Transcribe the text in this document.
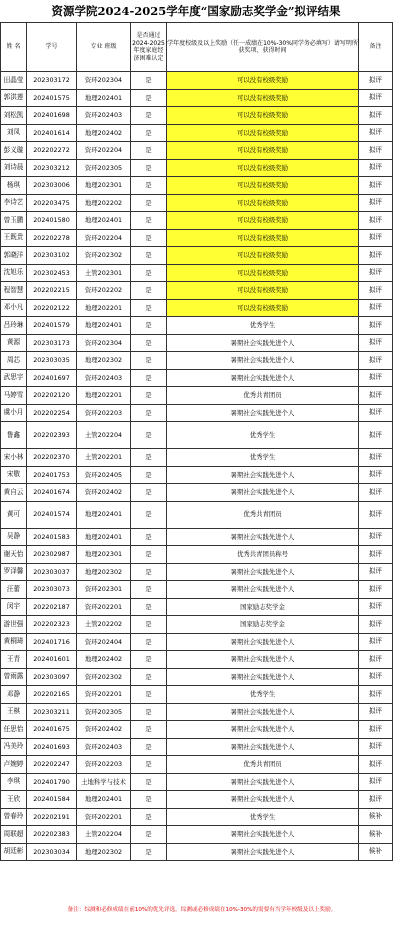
资源学院2024-2025学年度“国家励志奖学金”拟评结果
姓 名	学号	专业 班级	是否通过2024-2025年度家庭经济困难认定	学年度校级及以上奖励（任一成绩在10%-30%同学务必填写）请写明所获奖项、获得时间	备注
田晶莹	202303172	资环202304	是	可以没有校级奖励	拟评
郭洪莲	202401575	地理202401	是	可以没有校级奖励	拟评
刘松凯	202401698	资环202403	是	可以没有校级奖励	拟评
刘凤	202401614	地理202402	是	可以没有校级奖励	拟评
彭义璇	202202272	资环202204	是	可以没有校级奖励	拟评
刘诗晨	202303212	资环202305	是	可以没有校级奖励	拟评
杨琪	202303006	地理202301	是	可以没有校级奖励	拟评
李诗艺	202203475	地理202202	是	可以没有校级奖励	拟评
曾玉鹏	202401580	地理202401	是	可以没有校级奖励	拟评
王既贵	202202278	资环202204	是	可以没有校级奖励	拟评
郭晓洋	202303102	资环202302	是	可以没有校级奖励	拟评
沈旭乐	202302453	土管202301	是	可以没有校级奖励	拟评
程智慧	202202215	资环202202	是	可以没有校级奖励	拟评
邓小凡	202202122	地理202201	是	可以没有校级奖励	拟评
吕玲琳	202401579	地理202401	是	优秀学生	拟评
黄源	202303173	资环202304	是	暑期社会实践先进个人	拟评
周芯	202303035	地理202302	是	暑期社会实践先进个人	拟评
武思宇	202401697	资环202403	是	暑期社会实践先进个人	拟评
马婷雪	202202120	地理202201	是	优秀共青团员	拟评
虞小月	202202254	资环202203	是	暑期社会实践先进个人	拟评
鲁鑫	202202393	土管202204	是	优秀学生	拟评
宋小林	202202370	土管202201	是	优秀学生	拟评
宋敬	202401753	资环202405	是	暑期社会实践先进个人	拟评
黄自云	202401674	资环202402	是	暑期社会实践先进个人	拟评
黄可	202401574	地理202401	是	优秀共青团员	拟评
吴静	202401583	地理202401	是	暑期社会实践先进个人	拟评
谢天怡	202302987	地理202301	是	优秀共青团员称号	拟评
罗泽馨	202303037	地理202302	是	暑期社会实践先进个人	拟评
汪蕾	202303073	资环202301	是	暑期社会实践先进个人	拟评
闵宇	202202187	资环202201	是	国家励志奖学金	拟评
游世强	202202323	土管202202	是	国家励志奖学金	拟评
黄桐琦	202401716	资环202404	是	暑期社会实践先进个人	拟评
王青	202401601	地理202402	是	暑期社会实践先进个人	拟评
曾雨露	202303097	资环202302	是	暑期社会实践先进个人	拟评
邓静	202202165	资环202201	是	优秀学生	拟评
王棋	202303211	资环202305	是	暑期社会实践先进个人	拟评
任思怡	202401675	资环202402	是	暑期社会实践先进个人	拟评
冯美玲	202401693	资环202403	是	暑期社会实践先进个人	拟评
卢婉婷	202202247	资环202203	是	优秀共青团员	拟评
李琪	202401790	土地科学与技术	是	暑期社会实践先进个人	拟评
王欣	202401584	地理202401	是	暑期社会实践先进个人	拟评
曾春玲	202202191	资环202201	是	优秀学生	候补
周联超	202202383	土管202204	是	暑期社会实践先进个人	候补
胡廷彬	202303034	地理202302	是	暑期社会实践先进个人	候补
备注：综测和必修成绩在前10%的优先评选，综测或必修成绩在10%-30%的需要有当学年校级及以上奖励。
